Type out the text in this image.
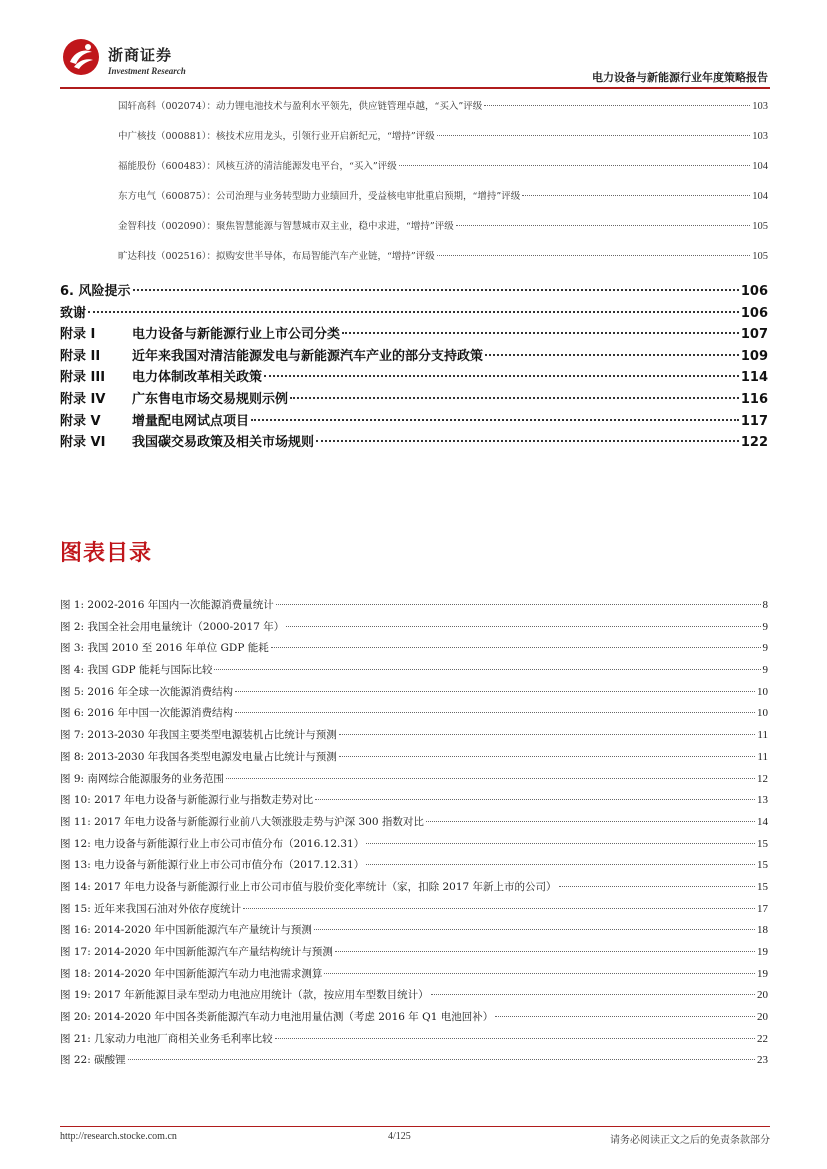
浙商证券
Investment Research	电力设备与新能源行业年度策略报告
国轩高科（002074）：动力锂电池技术与盈利水平领先，供应链管理卓越，“买入”评级	103
中广核技（000881）：核技术应用龙头，引领行业开启新纪元，“增持”评级	103
福能股份（600483）：风核互济的清洁能源发电平台，“买入”评级	104
东方电气（600875）：公司治理与业务转型助力业绩回升，受益核电审批重启预期，“增持”评级	104
金智科技（002090）：聚焦智慧能源与智慧城市双主业，稳中求进，“增持”评级	105
旷达科技（002516）：拟购安世半导体，布局智能汽车产业链，“增持”评级	105
6. 风险提示	106
致谢	106
附录 I	电力设备与新能源行业上市公司分类	107
附录 II	近年来我国对清洁能源发电与新能源汽车产业的部分支持政策	109
附录 III	电力体制改革相关政策	114
附录 IV	广东售电市场交易规则示例	116
附录 V	增量配电网试点项目	117
附录 VI	我国碳交易政策及相关市场规则	122
图表目录
图 1: 2002-2016 年国内一次能源消费量统计	8
图 2: 我国全社会用电量统计（2000-2017 年）	9
图 3: 我国 2010 至 2016 年单位 GDP 能耗	9
图 4: 我国 GDP 能耗与国际比较	9
图 5: 2016 年全球一次能源消费结构	10
图 6: 2016 年中国一次能源消费结构	10
图 7: 2013-2030 年我国主要类型电源装机占比统计与预测	11
图 8: 2013-2030 年我国各类型电源发电量占比统计与预测	11
图 9: 南网综合能源服务的业务范围	12
图 10: 2017 年电力设备与新能源行业与指数走势对比	13
图 11: 2017 年电力设备与新能源行业前八大领涨股走势与沪深 300 指数对比	14
图 12: 电力设备与新能源行业上市公司市值分布（2016.12.31）	15
图 13: 电力设备与新能源行业上市公司市值分布（2017.12.31）	15
图 14: 2017 年电力设备与新能源行业上市公司市值与股价变化率统计（家，扣除 2017 年新上市的公司）	15
图 15: 近年来我国石油对外依存度统计	17
图 16: 2014-2020 年中国新能源汽车产量统计与预测	18
图 17: 2014-2020 年中国新能源汽车产量结构统计与预测	19
图 18: 2014-2020 年中国新能源汽车动力电池需求测算	19
图 19: 2017 年新能源目录车型动力电池应用统计（款，按应用车型数目统计）	20
图 20: 2014-2020 年中国各类新能源汽车动力电池用量估测（考虑 2016 年 Q1 电池回补）	20
图 21: 几家动力电池厂商相关业务毛利率比较	22
图 22: 碳酸锂	23
http://research.stocke.com.cn	4/125	请务必阅读正文之后的免责条款部分
